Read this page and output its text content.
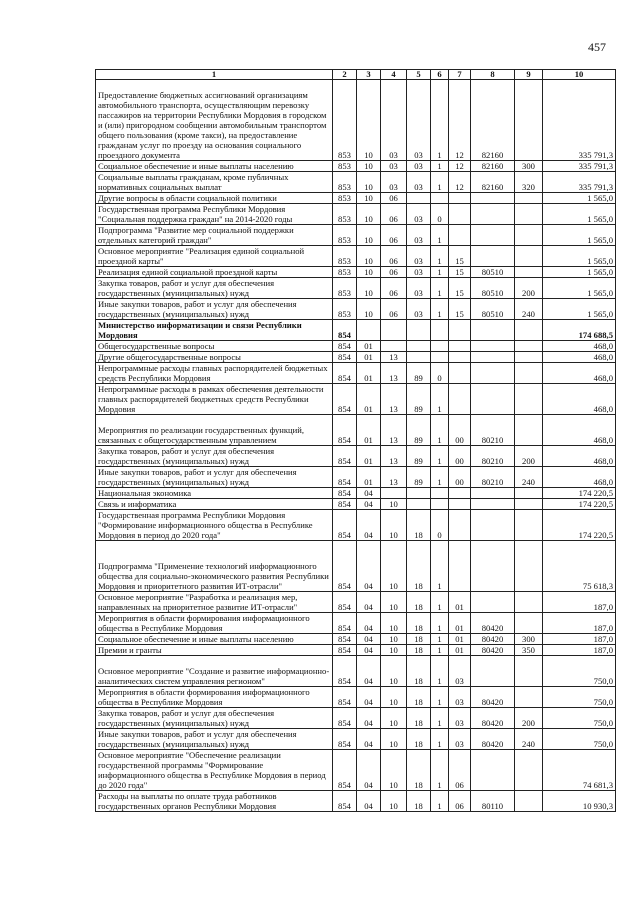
457
1	2	3	4	5	6	7	8	9	10
Предоставление бюджетных ассигнований организациям автомобильного транспорта, осуществляющим перевозку пассажиров на территории Республики Мордовия в городском и (или) пригородном сообщении автомобильным транспортом общего пользования (кроме такси), на предоставление гражданам услуг по проезду на основания социального проездного документа	853	10	03	03	1	12	82160		335 791,3
Социальное обеспечение и иные выплаты населению	853	10	03	03	1	12	82160	300	335 791,3
Социальные выплаты гражданам, кроме публичных нормативных социальных выплат	853	10	03	03	1	12	82160	320	335 791,3
Другие вопросы в области социальной политики	853	10	06						1 565,0
Государственная программа Республики Мордовия "Социальная поддержка граждан" на 2014-2020 годы	853	10	06	03	0				1 565,0
Подпрограмма "Развитие мер социальной поддержки отдельных категорий граждан"	853	10	06	03	1				1 565,0
Основное мероприятие "Реализация единой социальной проездной карты"	853	10	06	03	1	15			1 565,0
Реализация единой социальной проездной карты	853	10	06	03	1	15	80510		1 565,0
Закупка товаров, работ и услуг для обеспечения государственных (муниципальных) нужд	853	10	06	03	1	15	80510	200	1 565,0
Иные закупки товаров, работ и услуг для обеспечения государственных (муниципальных) нужд	853	10	06	03	1	15	80510	240	1 565,0
Министерство информатизации и связи Республики Мордовия	854								174 688,5
Общегосударственные вопросы	854	01							468,0
Другие общегосударственные вопросы	854	01	13						468,0
Непрограммные расходы главных распорядителей бюджетных средств Республики Мордовия	854	01	13	89	0				468,0
Непрограммные расходы в рамках обеспечения деятельности главных распорядителей бюджетных средств Республики Мордовия	854	01	13	89	1				468,0
Мероприятия по реализации государственных функций, связанных с общегосударственным управлением	854	01	13	89	1	00	80210		468,0
Закупка товаров, работ и услуг для обеспечения государственных (муниципальных) нужд	854	01	13	89	1	00	80210	200	468,0
Иные закупки товаров, работ и услуг для обеспечения государственных (муниципальных) нужд	854	01	13	89	1	00	80210	240	468,0
Национальная экономика	854	04							174 220,5
Связь и информатика	854	04	10						174 220,5
Государственная программа Республики Мордовия "Формирование информационного общества в Республике Мордовия в период до 2020 года"	854	04	10	18	0				174 220,5
Подпрограмма "Применение технологий информационного общества для социально-экономического развития Республики Мордовия и приоритетного развития ИТ-отрасли"	854	04	10	18	1				75 618,3
Основное мероприятие "Разработка и реализация мер, направленных на приоритетное развитие ИТ-отрасли"	854	04	10	18	1	01			187,0
Мероприятия в области формирования информационного общества в Республике Мордовия	854	04	10	18	1	01	80420		187,0
Социальное обеспечение и иные выплаты населению	854	04	10	18	1	01	80420	300	187,0
Премии и гранты	854	04	10	18	1	01	80420	350	187,0
Основное мероприятие "Создание и развитие информационно-аналитических систем управления регионом"	854	04	10	18	1	03			750,0
Мероприятия в области формирования информационного общества в Республике Мордовия	854	04	10	18	1	03	80420		750,0
Закупка товаров, работ и услуг для обеспечения государственных (муниципальных) нужд	854	04	10	18	1	03	80420	200	750,0
Иные закупки товаров, работ и услуг для обеспечения государственных (муниципальных) нужд	854	04	10	18	1	03	80420	240	750,0
Основное мероприятие "Обеспечение реализации государственной программы "Формирование информационного общества в Республике Мордовия в период до 2020 года"	854	04	10	18	1	06			74 681,3
Расходы на выплаты по оплате труда работников государственных органов Республики Мордовия	854	04	10	18	1	06	80110		10 930,3
